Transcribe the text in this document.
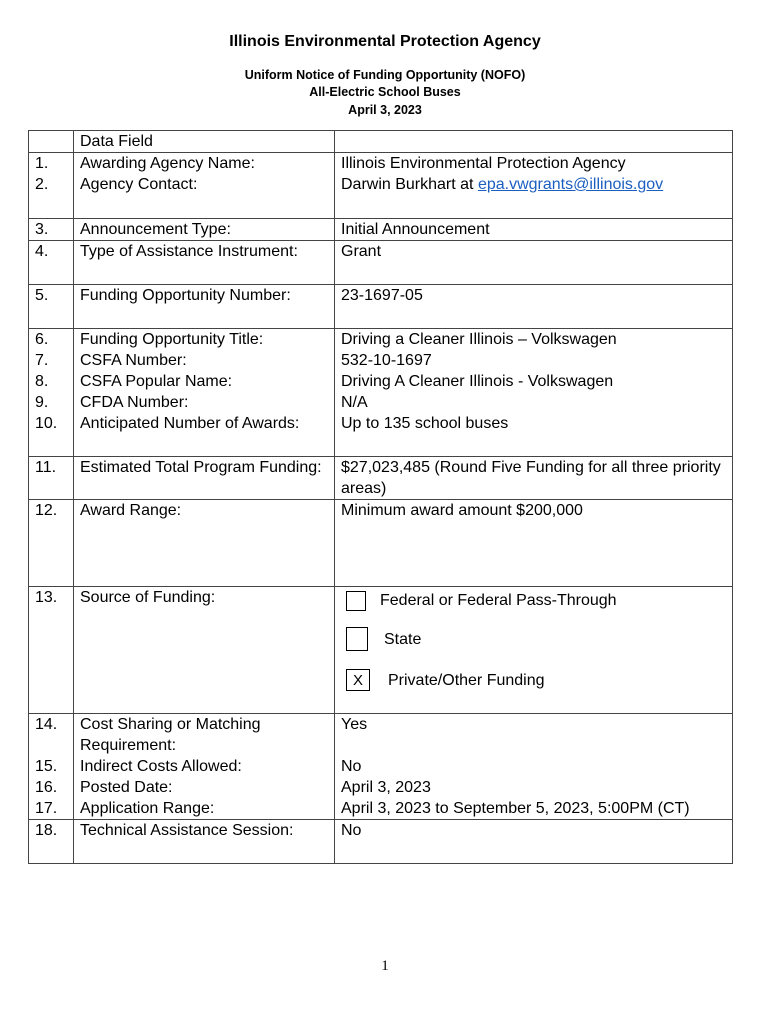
Illinois Environmental Protection Agency
Uniform Notice of Funding Opportunity (NOFO)
All-Electric School Buses
April 3, 2023
	Data Field	
1.	Awarding Agency Name:	Illinois Environmental Protection Agency
2.	Agency Contact:	Darwin Burkhart at epa.vwgrants@illinois.gov
3.	Announcement Type:	Initial Announcement
4.	Type of Assistance Instrument:	Grant
5.	Funding Opportunity Number:	23-1697-05
6.	Funding Opportunity Title:	Driving a Cleaner Illinois – Volkswagen
7.	CSFA Number:	532-10-1697
8.	CSFA Popular Name:	Driving A Cleaner Illinois - Volkswagen
9.	CFDA Number:	N/A
10.	Anticipated Number of Awards:	Up to 135 school buses
11.	Estimated Total Program Funding:	$27,023,485 (Round Five Funding for all three priority areas)
12.	Award Range:	Minimum award amount $200,000
13.	Source of Funding:	Federal or Federal Pass-Through
State
X Private/Other Funding

14.	Cost Sharing or Matching Requirement:	Yes
15.	Indirect Costs Allowed:	No
16.	Posted Date:	April 3, 2023
17.	Application Range:	April 3, 2023 to September 5, 2023, 5:00PM (CT)
18.	Technical Assistance Session:	No
1
